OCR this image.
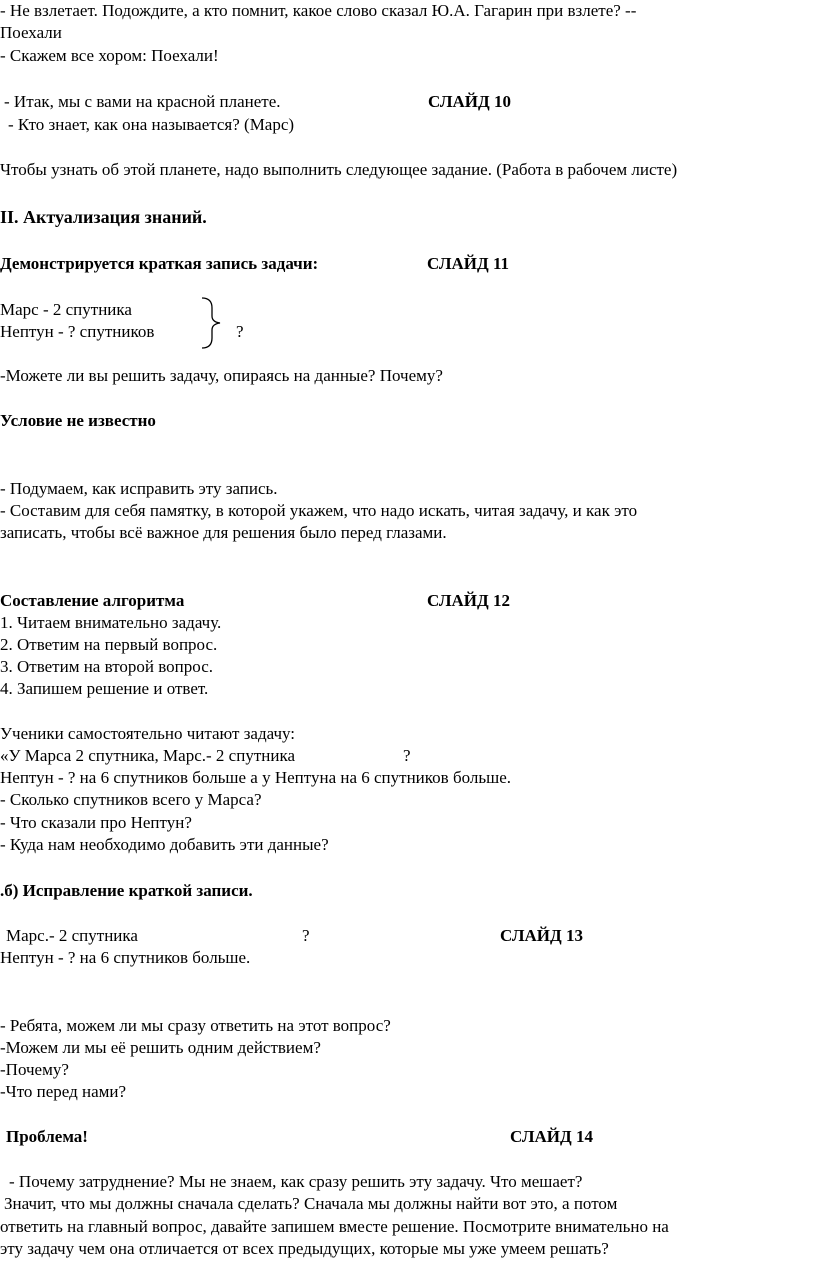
- Не взлетает. Подождите, а кто помнит, какое слово сказал Ю.А. Гагарин при взлете? --
Поехали
- Скажем все хором: Поехали!
- Итак, мы с вами на красной планете.	СЛАЙД 10
- Кто знает, как она называется? (Марс)
Чтобы узнать об этой планете, надо выполнить следующее задание. (Работа в рабочем листе)
II. Актуализация знаний.
Демонстрируется краткая запись задачи:	СЛАЙД 11
Марс - 2 спутника
Нептун - ? спутников	?
-Можете ли вы решить задачу, опираясь на данные? Почему?
Условие не известно
- Подумаем, как исправить эту запись.
- Составим для себя памятку, в которой укажем, что надо искать, читая задачу, и как это
записать, чтобы всё важное для решения было перед глазами.
Составление алгоритма	СЛАЙД 12
1. Читаем внимательно задачу.
2. Ответим на первый вопрос.
3. Ответим на второй вопрос.
4. Запишем решение и ответ.
Ученики самостоятельно читают задачу:
«У Марса 2 спутника, Марс.- 2 спутника	?
Нептун - ? на 6 спутников больше а у Нептуна на 6 спутников больше.
- Сколько спутников всего у Марса?
- Что сказали про Нептун?
- Куда нам необходимо добавить эти данные?
.б) Исправление краткой записи.
Марс.- 2 спутника	?	СЛАЙД 13
Нептун - ? на 6 спутников больше.
- Ребята, можем ли мы сразу ответить на этот вопрос?
-Можем ли мы её решить одним действием?
-Почему?
-Что перед нами?
Проблема!	СЛАЙД 14
- Почему затруднение? Мы не знаем, как сразу решить эту задачу. Что мешает?
Значит, что мы должны сначала сделать? Сначала мы должны найти вот это, а потом
ответить на главный вопрос, давайте запишем вместе решение. Посмотрите внимательно на
эту задачу чем она отличается от всех предыдущих, которые мы уже умеем решать?
